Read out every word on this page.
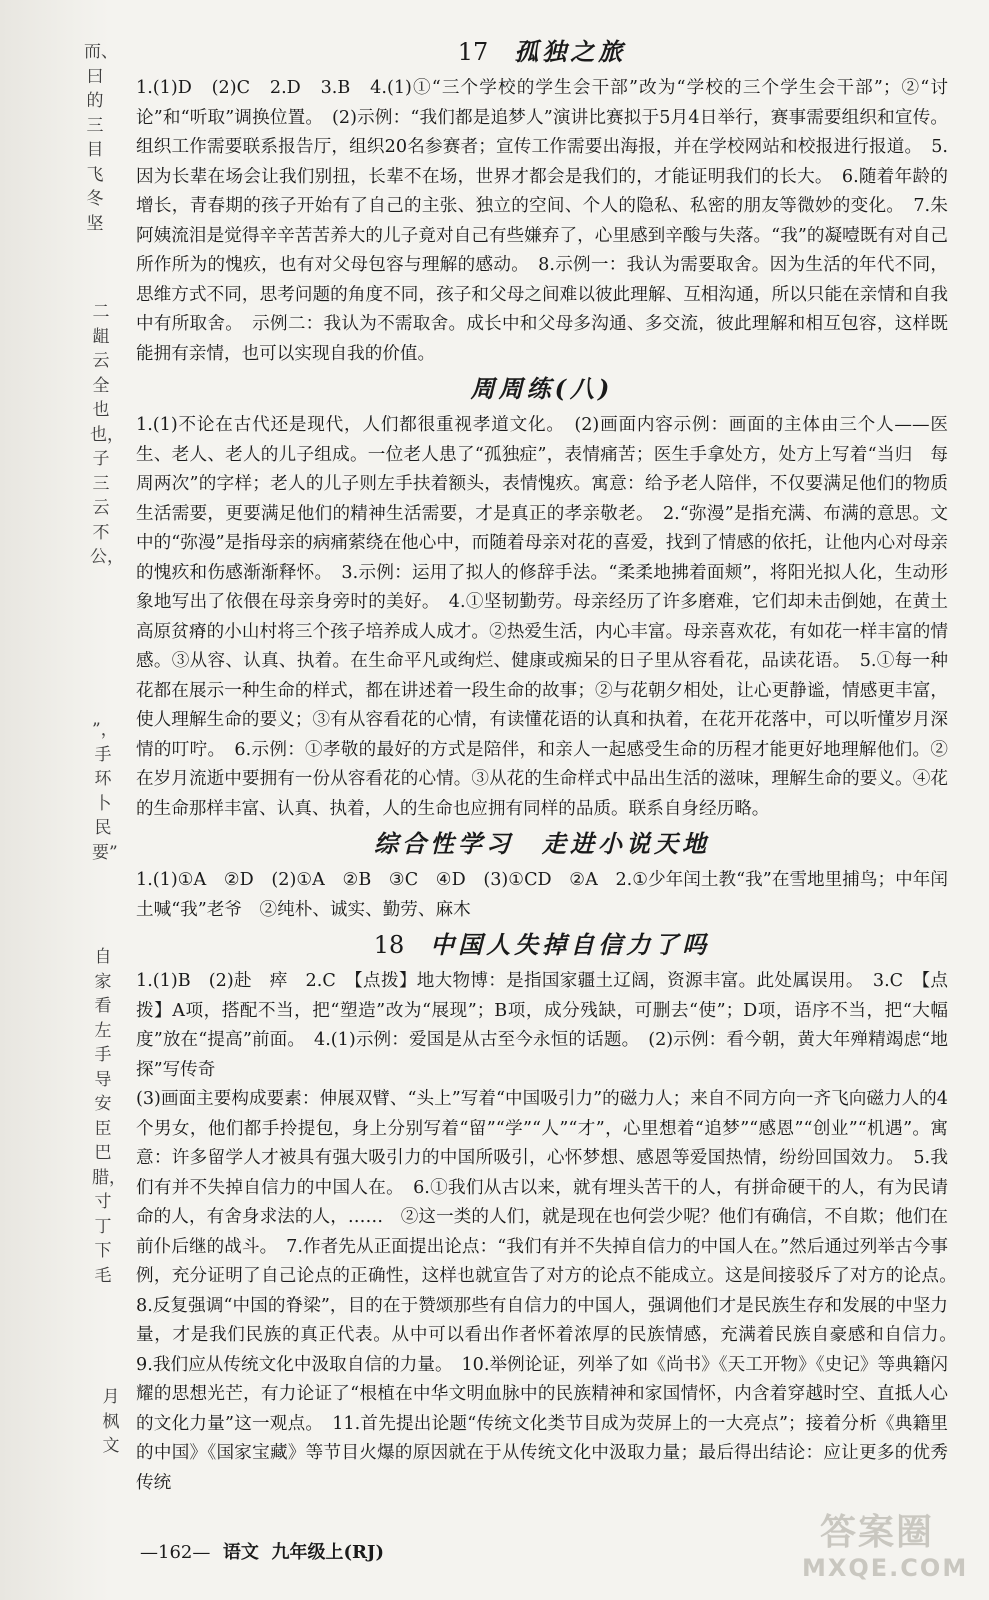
而、曰的三目飞冬坚
二龃云全也也，子三云不公，
”，手环卜民要”
自家看左手导安臣巴腊，寸丁下毛
月枫文
17 孤独之旅

1.(1)D　(2)C　2.D　3.B　4.(1)①“三个学校的学生会干部”改为“学校的三个学生会干部”；②“讨论”和“听取”调换位置。　(2)示例：“我们都是追梦人”演讲比赛拟于5月4日举行，赛事需要组织和宣传。组织工作需要联系报告厅，组织20名参赛者；宣传工作需要出海报，并在学校网站和校报进行报道。　5.因为长辈在场会让我们别扭，长辈不在场，世界才都会是我们的，才能证明我们的长大。　6.随着年龄的增长，青春期的孩子开始有了自己的主张、独立的空间、个人的隐私、私密的朋友等微妙的变化。　7.朱阿姨流泪是觉得辛辛苦苦养大的儿子竟对自己有些嫌弃了，心里感到辛酸与失落。“我”的凝噎既有对自己所作所为的愧疚，也有对父母包容与理解的感动。　8.示例一：我认为需要取舍。因为生活的年代不同，思维方式不同，思考问题的角度不同，孩子和父母之间难以彼此理解、互相沟通，所以只能在亲情和自我中有所取舍。　示例二：我认为不需取舍。成长中和父母多沟通、多交流，彼此理解和相互包容，这样既能拥有亲情，也可以实现自我的价值。

周周练(八)

1.(1)不论在古代还是现代，人们都很重视孝道文化。　(2)画面内容示例：画面的主体由三个人——医生、老人、老人的儿子组成。一位老人患了“孤独症”，表情痛苦；医生手拿处方，处方上写着“当归　每周两次”的字样；老人的儿子则左手扶着额头，表情愧疚。寓意：给予老人陪伴，不仅要满足他们的物质生活需要，更要满足他们的精神生活需要，才是真正的孝亲敬老。　2.“弥漫”是指充满、布满的意思。文中的“弥漫”是指母亲的病痛萦绕在他心中，而随着母亲对花的喜爱，找到了情感的依托，让他内心对母亲的愧疚和伤感渐渐释怀。　3.示例：运用了拟人的修辞手法。“柔柔地拂着面颊”，将阳光拟人化，生动形象地写出了依偎在母亲身旁时的美好。　4.①坚韧勤劳。母亲经历了许多磨难，它们却未击倒她，在黄土高原贫瘠的小山村将三个孩子培养成人成才。②热爱生活，内心丰富。母亲喜欢花，有如花一样丰富的情感。③从容、认真、执着。在生命平凡或绚烂、健康或痴呆的日子里从容看花，品读花语。　5.①每一种花都在展示一种生命的样式，都在讲述着一段生命的故事；②与花朝夕相处，让心更静谧，情感更丰富，使人理解生命的要义；③有从容看花的心情，有读懂花语的认真和执着，在花开花落中，可以听懂岁月深情的叮咛。　6.示例：①孝敬的最好的方式是陪伴，和亲人一起感受生命的历程才能更好地理解他们。②在岁月流逝中要拥有一份从容看花的心情。③从花的生命样式中品出生活的滋味，理解生命的要义。④花的生命那样丰富、认真、执着，人的生命也应拥有同样的品质。联系自身经历略。

综合性学习　走进小说天地

1.(1)①A　②D　(2)①A　②B　③C　④D　(3)①CD　②A　2.①少年闰土教“我”在雪地里捕鸟；中年闰土喊“我”老爷　②纯朴、诚实、勤劳、麻木

18 中国人失掉自信力了吗

1.(1)B　(2)赴　瘁　2.C　【点拨】地大物博：是指国家疆土辽阔，资源丰富。此处属误用。　3.C　【点拨】A项，搭配不当，把“塑造”改为“展现”；B项，成分残缺，可删去“使”；D项，语序不当，把“大幅度”放在“提高”前面。　4.(1)示例：爱国是从古至今永恒的话题。　(2)示例：看今朝，黄大年殚精竭虑“地探”写传奇

(3)画面主要构成要素：伸展双臂、“头上”写着“中国吸引力”的磁力人；来自不同方向一齐飞向磁力人的4个男女，他们都手拎提包，身上分别写着“留”“学”“人”“才”，心里想着“追梦”“感恩”“创业”“机遇”。寓意：许多留学人才被具有强大吸引力的中国所吸引，心怀梦想、感恩等爱国热情，纷纷回国效力。　5.我们有并不失掉自信力的中国人在。　6.①我们从古以来，就有埋头苦干的人，有拼命硬干的人，有为民请命的人，有舍身求法的人，……　②这一类的人们，就是现在也何尝少呢？他们有确信，不自欺；他们在前仆后继的战斗。　7.作者先从正面提出论点：“我们有并不失掉自信力的中国人在。”然后通过列举古今事例，充分证明了自己论点的正确性，这样也就宣告了对方的论点不能成立。这是间接驳斥了对方的论点。　8.反复强调“中国的脊梁”，目的在于赞颂那些有自信力的中国人，强调他们才是民族生存和发展的中坚力量，才是我们民族的真正代表。从中可以看出作者怀着浓厚的民族情感，充满着民族自豪感和自信力。　9.我们应从传统文化中汲取自信的力量。　10.举例论证，列举了如《尚书》《天工开物》《史记》等典籍闪耀的思想光芒，有力论证了“根植在中华文明血脉中的民族精神和家国情怀，内含着穿越时空、直抵人心的文化力量”这一观点。　11.首先提出论题“传统文化类节目成为荧屏上的一大亮点”；接着分析《典籍里的中国》《国家宝藏》等节目火爆的原因就在于从传统文化中汲取力量；最后得出结论：应让更多的优秀传统

—162— 语文 九年级上(RJ)	答案圈
MXQE.COM
